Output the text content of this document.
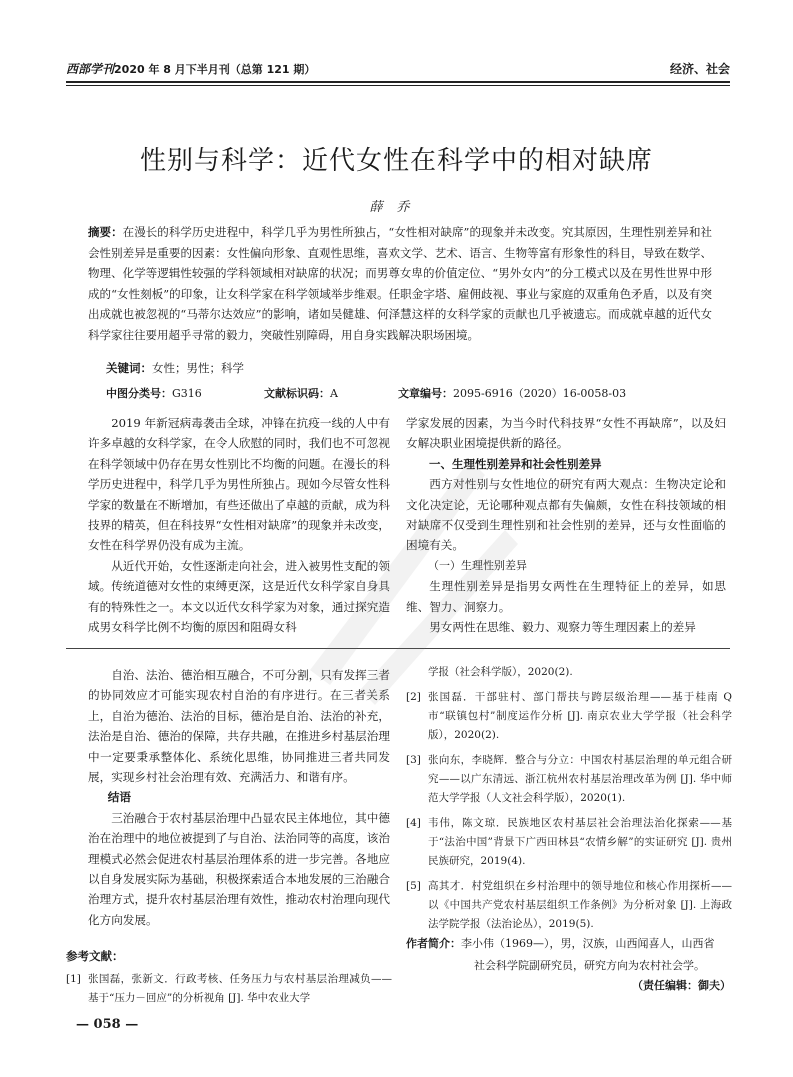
西部学刊2020 年 8 月下半月刊（总第 121 期）	经济、社会
性别与科学：近代女性在科学中的相对缺席
薛乔
摘要：在漫长的科学历史进程中，科学几乎为男性所独占，“女性相对缺席”的现象并未改变。究其原因，生理性别差异和社会性别差异是重要的因素：女性偏向形象、直观性思维，喜欢文学、艺术、语言、生物等富有形象性的科目，导致在数学、物理、化学等逻辑性较强的学科领域相对缺席的状况；而男尊女卑的价值定位、“男外女内”的分工模式以及在男性世界中形成的“女性刻板”的印象，让女科学家在科学领域举步维艰。任职金字塔、雇佣歧视、事业与家庭的双重角色矛盾，以及有突出成就也被忽视的“马蒂尔达效应”的影响，诸如吴健雄、何泽慧这样的女科学家的贡献也几乎被遗忘。而成就卓越的近代女科学家往往要用超乎寻常的毅力，突破性别障碍，用自身实践解决职场困境。
关键词：女性；男性；科学
中图分类号：G316	文献标识码：A	文章编号：2095-6916（2020）16-0058-03

2019 年新冠病毒袭击全球，冲锋在抗疫一线的人中有许多卓越的女科学家，在令人欣慰的同时，我们也不可忽视在科学领域中仍存在男女性别比不均衡的问题。在漫长的科学历史进程中，科学几乎为男性所独占。现如今尽管女性科学家的数量在不断增加，有些还做出了卓越的贡献，成为科技界的精英，但在科技界“女性相对缺席”的现象并未改变，女性在科学界仍没有成为主流。

从近代开始，女性逐渐走向社会，进入被男性支配的领域。传统道德对女性的束缚更深，这是近代女科学家自身具有的特殊性之一。本文以近代女科学家为对象，通过探究造成男女科学比例不均衡的原因和阻碍女科

学家发展的因素，为当今时代科技界“女性不再缺席”，以及妇女解决职业困境提供新的路径。

一、生理性别差异和社会性别差异

西方对性别与女性地位的研究有两大观点：生物决定论和文化决定论，无论哪种观点都有失偏颇，女性在科技领域的相对缺席不仅受到生理性别和社会性别的差异，还与女性面临的困境有关。

（一）生理性别差异

生理性别差异是指男女两性在生理特征上的差异，如思维、智力、洞察力。

男女两性在思维、毅力、观察力等生理因素上的差异

自治、法治、德治相互融合，不可分割，只有发挥三者的协同效应才可能实现农村自治的有序进行。在三者关系上，自治为德治、法治的目标，德治是自治、法治的补充，法治是自治、德治的保障，共存共融，在推进乡村基层治理中一定要秉承整体化、系统化思维，协同推进三者共同发展，实现乡村社会治理有效、充满活力、和谐有序。

结语

三治融合于农村基层治理中凸显农民主体地位，其中德治在治理中的地位被提到了与自治、法治同等的高度，该治理模式必然会促进农村基层治理体系的进一步完善。各地应以自身发展实际为基础，积极探索适合本地发展的三治融合治理方式，提升农村基层治理有效性，推动农村治理向现代化方向发展。

参考文献：
[1] 张国磊，张新文．行政考核、任务压力与农村基层治理减负——基于“压力－回应”的分析视角 [J]. 华中农业大学
学报（社会科学版），2020(2).
[2] 张国磊．干部驻村、部门帮扶与跨层级治理——基于桂南 Q 市“联镇包村”制度运作分析 [J]. 南京农业大学学报（社会科学版），2020(2).
[3] 张向东，李晓辉．整合与分立：中国农村基层治理的单元组合研究——以广东清远、浙江杭州农村基层治理改革为例 [J]. 华中师范大学学报（人文社会科学版），2020(1).
[4] 韦伟，陈文琼．民族地区农村基层社会治理法治化探索——基于“法治中国”背景下广西田林县“农情乡解”的实证研究 [J]. 贵州民族研究，2019(4).
[5] 高其才．村党组织在乡村治理中的领导地位和核心作用探析——以《中国共产党农村基层组织工作条例》为分析对象 [J]. 上海政法学院学报（法治论丛），2019(5).
作者简介：李小伟（1969—），男，汉族，山西闻喜人，山西省
社会科学院副研究员，研究方向为农村社会学。
（责任编辑：御夫）
— 058 —
